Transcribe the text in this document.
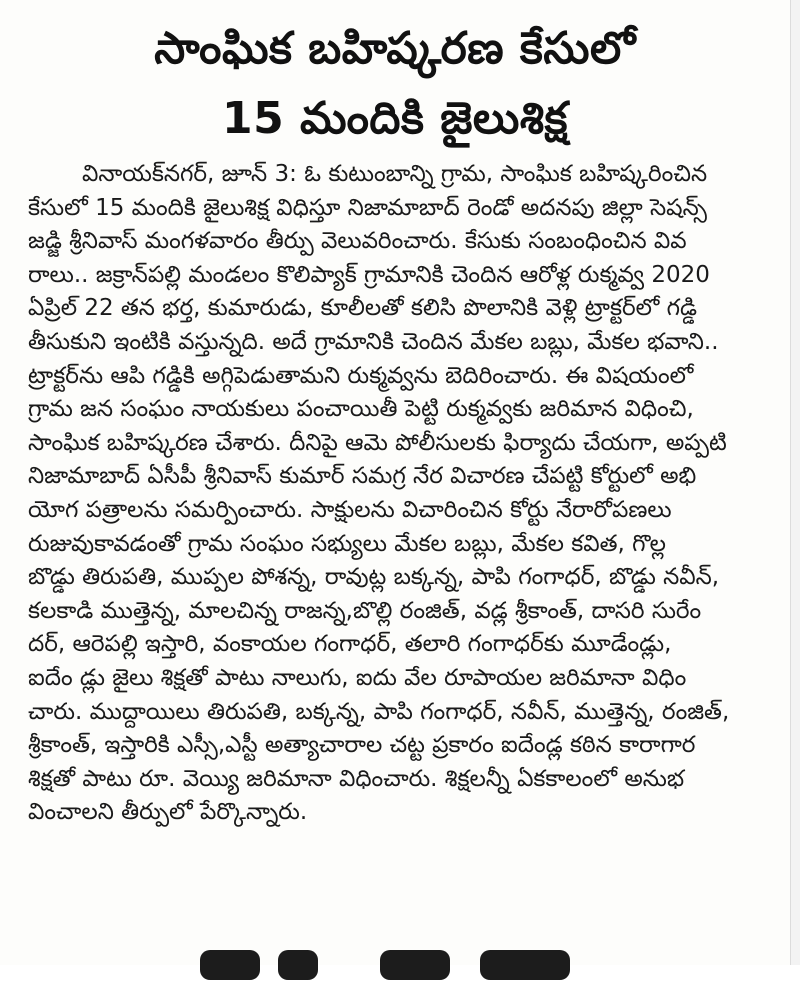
సాంఘిక బహిష్కరణ కేసులో
15 మందికి జైలుశిక్ష
వినాయక్‌నగర్, జూన్ 3: ఓ కుటుంబాన్ని గ్రామ, సాంఘిక బహిష్కరించిన
కేసులో 15 మందికి జైలుశిక్ష విధిస్తూ నిజామాబాద్ రెండో అదనపు జిల్లా సెషన్స్
జడ్జి శ్రీనివాస్ మంగళవారం తీర్పు వెలువరించారు. కేసుకు సంబంధించిన వివ
రాలు.. జక్రాన్‌పల్లి మండలం కొలిప్యాక్ గ్రామానికి చెందిన ఆరోళ్ల రుక్మవ్వ 2020
ఏప్రిల్ 22 తన భర్త, కుమారుడు, కూలీలతో కలిసి పొలానికి వెళ్లి ట్రాక్టర్‌లో గడ్డి
తీసుకుని ఇంటికి వస్తున్నది. అదే గ్రామానికి చెందిన మేకల బబ్లు, మేకల భవాని..
ట్రాక్టర్‌ను ఆపి గడ్డికి అగ్గిపెడుతామని రుక్మవ్వను బెదిరించారు. ఈ విషయంలో
గ్రామ జన సంఘం నాయకులు పంచాయితీ పెట్టి రుక్మవ్వకు జరిమాన విధించి,
సాంఘిక బహిష్కరణ చేశారు. దీనిపై ఆమె పోలీసులకు ఫిర్యాదు చేయగా, అప్పటి
నిజామాబాద్ ఏసీపీ శ్రీనివాస్ కుమార్ సమగ్ర నేర విచారణ చేపట్టి కోర్టులో అభి
యోగ పత్రాలను సమర్పించారు. సాక్షులను విచారించిన కోర్టు నేరారోపణలు
రుజువుకావడంతో గ్రామ సంఘం సభ్యులు మేకల బబ్లు, మేకల కవిత, గొల్ల
బొడ్డు తిరుపతి, ముప్పల పోశన్న, రావుట్ల బక్కన్న, పాపి గంగాధర్, బొడ్డు నవీన్,
కలకాడి ముత్తెన్న, మాలచిన్న రాజన్న,బొల్లి రంజిత్, వడ్ల శ్రీకాంత్, దాసరి సురేం
దర్, ఆరెపల్లి ఇస్తారి, వంకాయల గంగాధర్, తలారి గంగాధర్‌కు మూడేండ్లు,
ఐదేం డ్లు జైలు శిక్షతో పాటు నాలుగు, ఐదు వేల రూపాయల జరిమానా విధిం
చారు. ముద్దాయిలు తిరుపతి, బక్కన్న, పాపి గంగాధర్, నవీన్, ముత్తెన్న, రంజిత్,
శ్రీకాంత్, ఇస్తారికి ఎస్సీ,ఎస్టీ అత్యాచారాల చట్ట ప్రకారం ఐదేండ్ల కఠిన కారాగార
శిక్షతో పాటు రూ. వెయ్యి జరిమానా విధించారు. శిక్షలన్నీ ఏకకాలంలో అనుభ
వించాలని తీర్పులో పేర్కొన్నారు.
